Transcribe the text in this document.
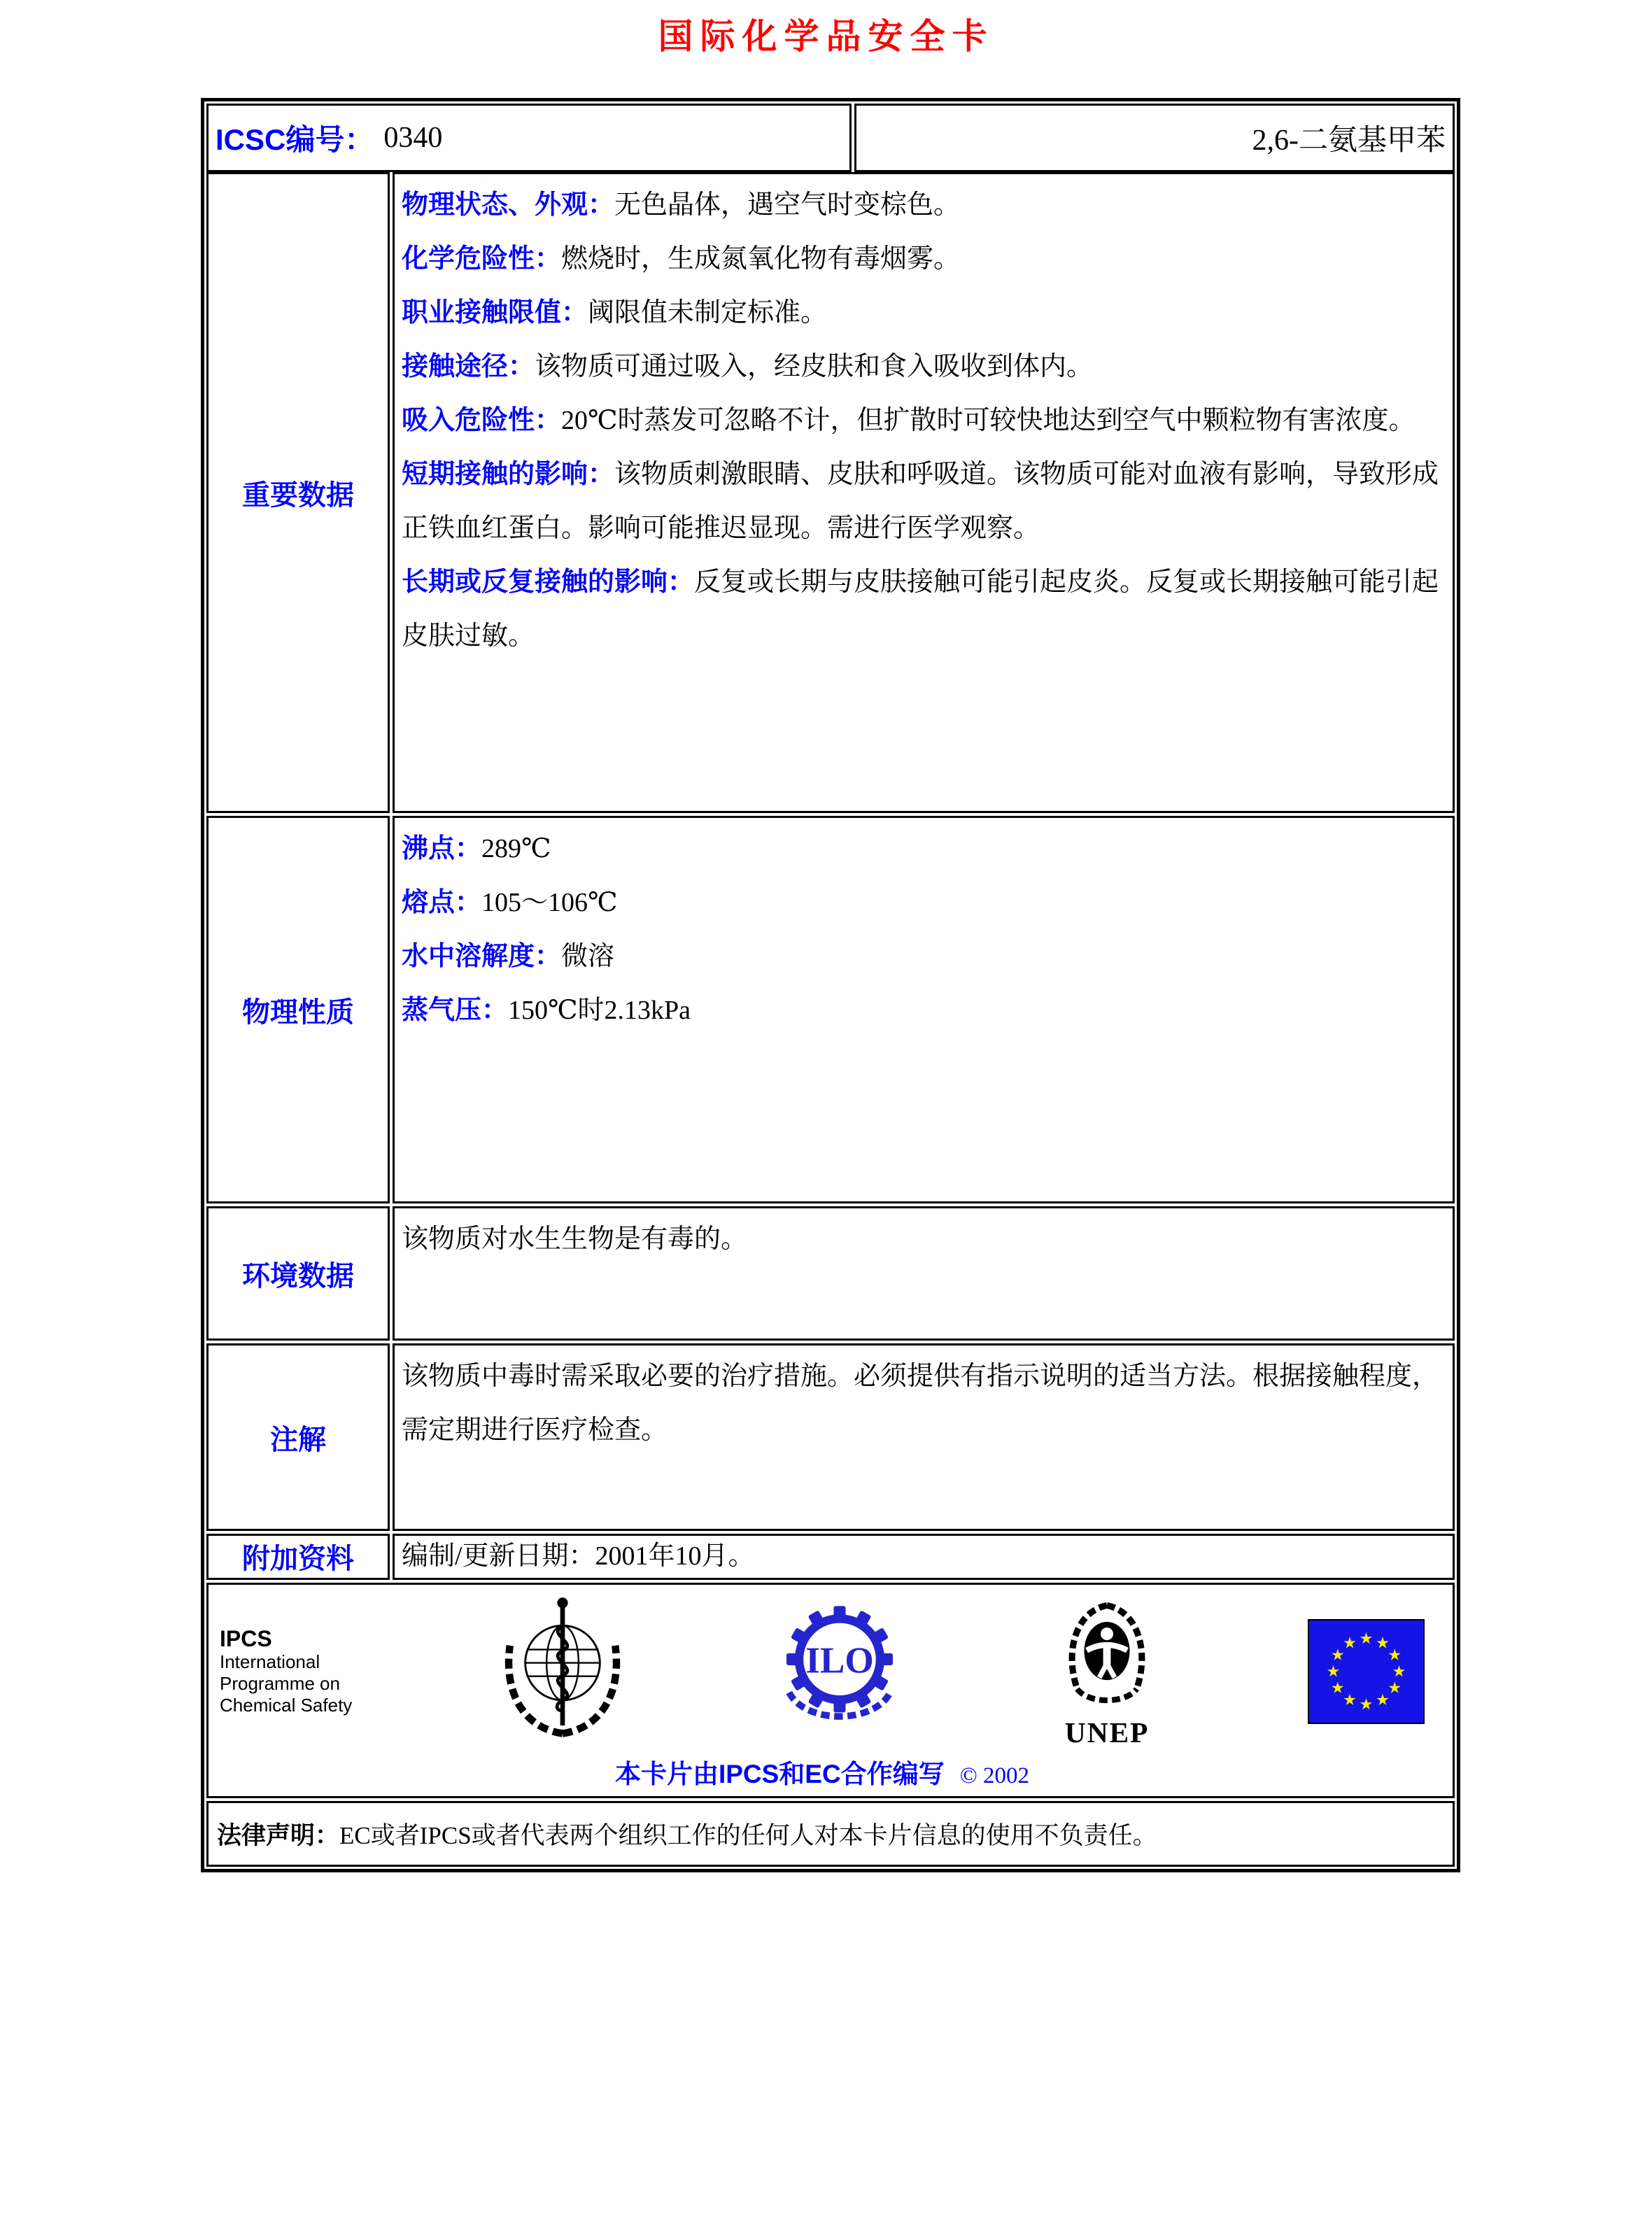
国际化学品安全卡
ICSC编号： 0340	2,6-二氨基甲苯
重要数据

物理状态、外观：无色晶体，遇空气时变棕色。

化学危险性：燃烧时，生成氮氧化物有毒烟雾。

职业接触限值：阈限值未制定标准。

接触途径：该物质可通过吸入，经皮肤和食入吸收到体内。

吸入危险性：20℃时蒸发可忽略不计，但扩散时可较快地达到空气中颗粒物有害浓度。

短期接触的影响：该物质刺激眼睛、皮肤和呼吸道。该物质可能对血液有影响，导致形成正铁血红蛋白。影响可能推迟显现。需进行医学观察。

长期或反复接触的影响：反复或长期与皮肤接触可能引起皮炎。反复或长期接触可能引起皮肤过敏。

物理性质

沸点：289℃

熔点：105～106℃

水中溶解度：微溶

蒸气压：150℃时2.13kPa

环境数据

该物质对水生生物是有毒的。

注解

该物质中毒时需采取必要的治疗措施。必须提供有指示说明的适当方法。根据接触程度，需定期进行医疗检查。

附加资料	编制/更新日期：2001年10月。

IPCS
International
Programme on
Chemical Safety
ILO
UNEP
本卡片由IPCS和EC合作编写 © 2002
法律声明： EC或者IPCS或者代表两个组织工作的任何人对本卡片信息的使用不负责任。
